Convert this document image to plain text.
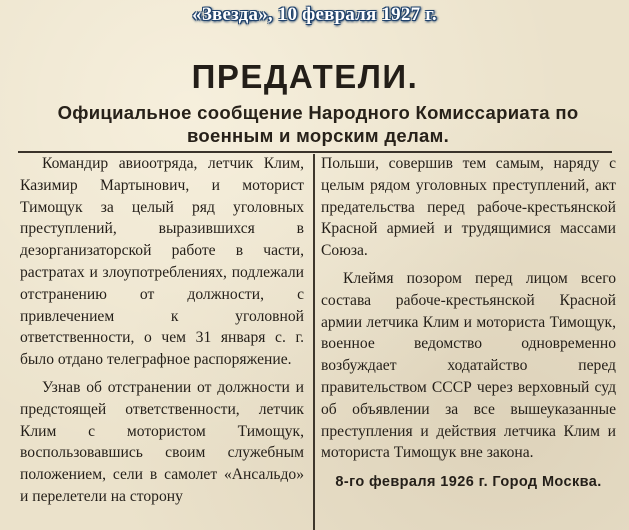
«Звезда», 10 февраля 1927 г.
ПРЕДАТЕЛИ.
Официальное сообщение Народного Комиссариата по военным и морским делам.

Командир авиоотряда, летчик Клим, Казимир Мартынович, и моторист Тимощук за целый ряд уголовных преступлений, выразившихся в дезорганизаторской работе в части, растратах и злоупотреблениях, подлежали отстранению от должности, с привлечением к уголовной ответственности, о чем 31 января с. г. было отдано телеграфное распоряжение.

Узнав об отстранении от должности и предстоящей ответственности, летчик Клим с мотористом Тимощук, воспользовавшись своим служебным положением, сели в самолет «Ансальдо» и перелетели на сторону

Польши, совершив тем самым, наряду с целым рядом уголовных преступлений, акт предательства перед рабоче-крестьянской Красной армией и трудящимися массами Союза.

Клеймя позором перед лицом всего состава рабоче-крестьянской Красной армии летчика Клим и моториста Тимощук, военное ведомство одновременно возбуждает ходатайство перед правительством СССР через верховный суд об объявлении за все вышеуказанные преступления и действия летчика Клим и моториста Тимощук вне закона.

8-го февраля 1926 г. Город Москва.
